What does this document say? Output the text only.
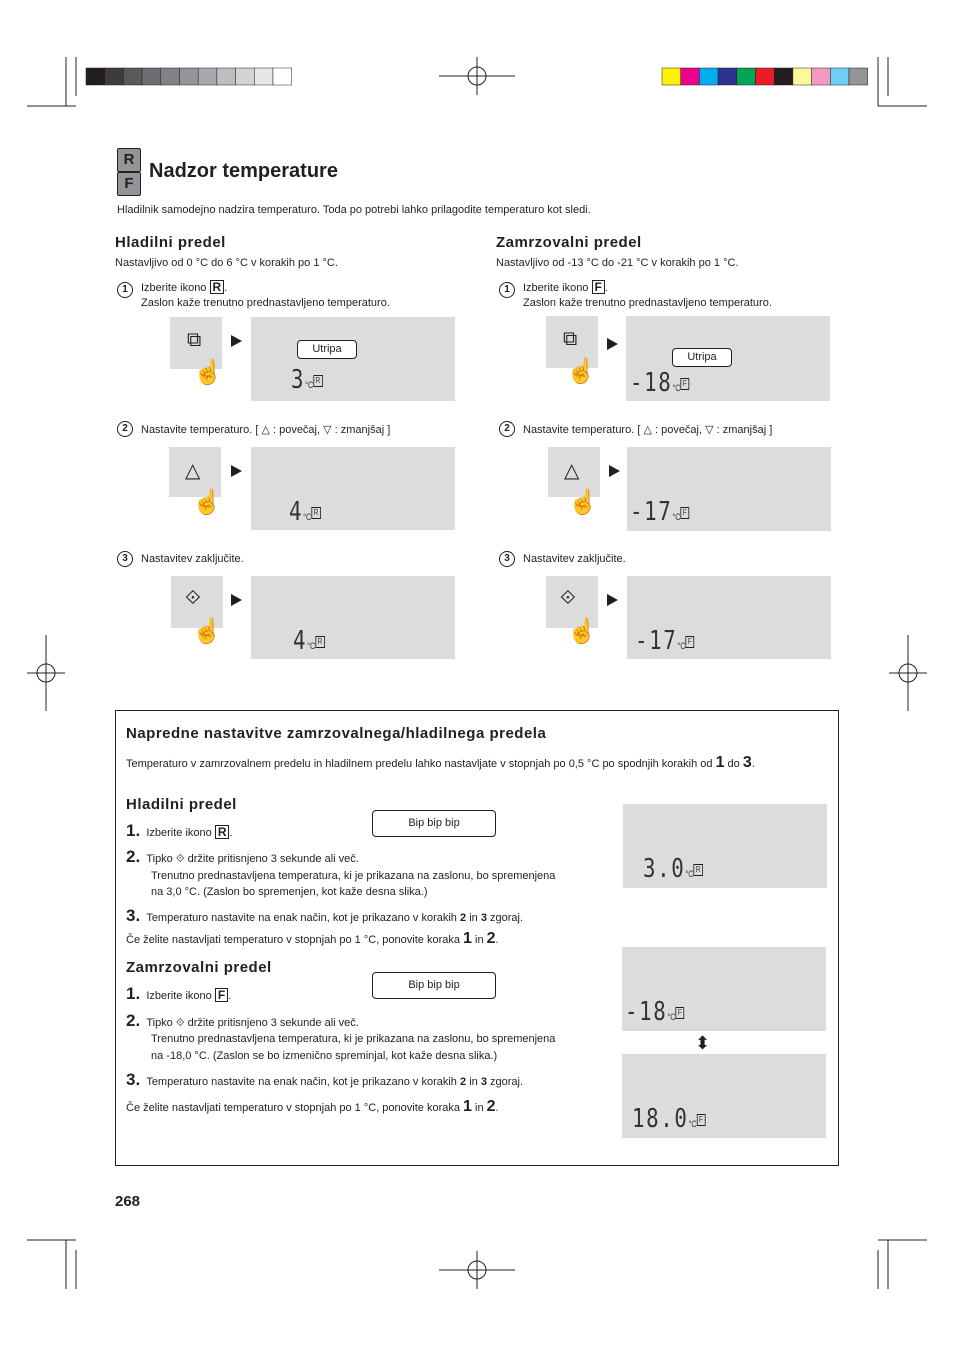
R
F
Nadzor temperature
Hladilnik samodejno nadzira temperaturo. Toda po potrebi lahko prilagodite temperaturo kot sledi.
Hladilni predel
Nastavljivo od 0 °C do 6 °C v korakih po 1 °C.
1	Izberite ikono R .
Zaslon kaže trenutno prednastavljeno temperaturo.
⧉
☝
Utripa
3°C R
2	Nastavite temperaturo. [ △ : povečaj, ▽ : zmanjšaj ]
△
☝	4°C R
3	Nastavitev zaključite.
⟐
☝	4°C R
Zamrzovalni predel
Nastavljivo od -13 °C do -21 °C v korakih po 1 °C.
1	Izberite ikono F .
Zaslon kaže trenutno prednastavljeno temperaturo.
⧉
☝
Utripa
-18°C F
2	Nastavite temperaturo. [ △ : povečaj, ▽ : zmanjšaj ]
△
☝ -17°C F
3	Nastavitev zaključite.
⟐
☝ -17°C F
Napredne nastavitve zamrzovalnega/hladilnega predela
Temperaturo v zamrzovalnem predelu in hladilnem predelu lahko nastavljate v stopnjah po 0,5 °C po spodnjih korakih od 1 do 3.
Hladilni predel
1. Izberite ikono R .
Bip bip bip
2. Tipko ⟐ držite pritisnjeno 3 sekunde ali več.
Trenutno prednastavljena temperatura, ki je prikazana na zaslonu, bo spremenjena
na 3,0 °C. (Zaslon bo spremenjen, kot kaže desna slika.)
3. Temperaturo nastavite na enak način, kot je prikazano v korakih 2 in 3 zgoraj.
Če želite nastavljati temperaturo v stopnjah po 1 °C, ponovite koraka 1 in 2.
3.0°C R
Zamrzovalni predel
1. Izberite ikono F .
Bip bip bip
2. Tipko ⟐ držite pritisnjeno 3 sekunde ali več.
Trenutno prednastavljena temperatura, ki je prikazana na zaslonu, bo spremenjena
na -18,0 °C. (Zaslon se bo izmenično spreminjal, kot kaže desna slika.)
3. Temperaturo nastavite na enak način, kot je prikazano v korakih 2 in 3 zgoraj.
Če želite nastavljati temperaturo v stopnjah po 1 °C, ponovite koraka 1 in 2.
-18°C F
⬍
18.0°C F
268
